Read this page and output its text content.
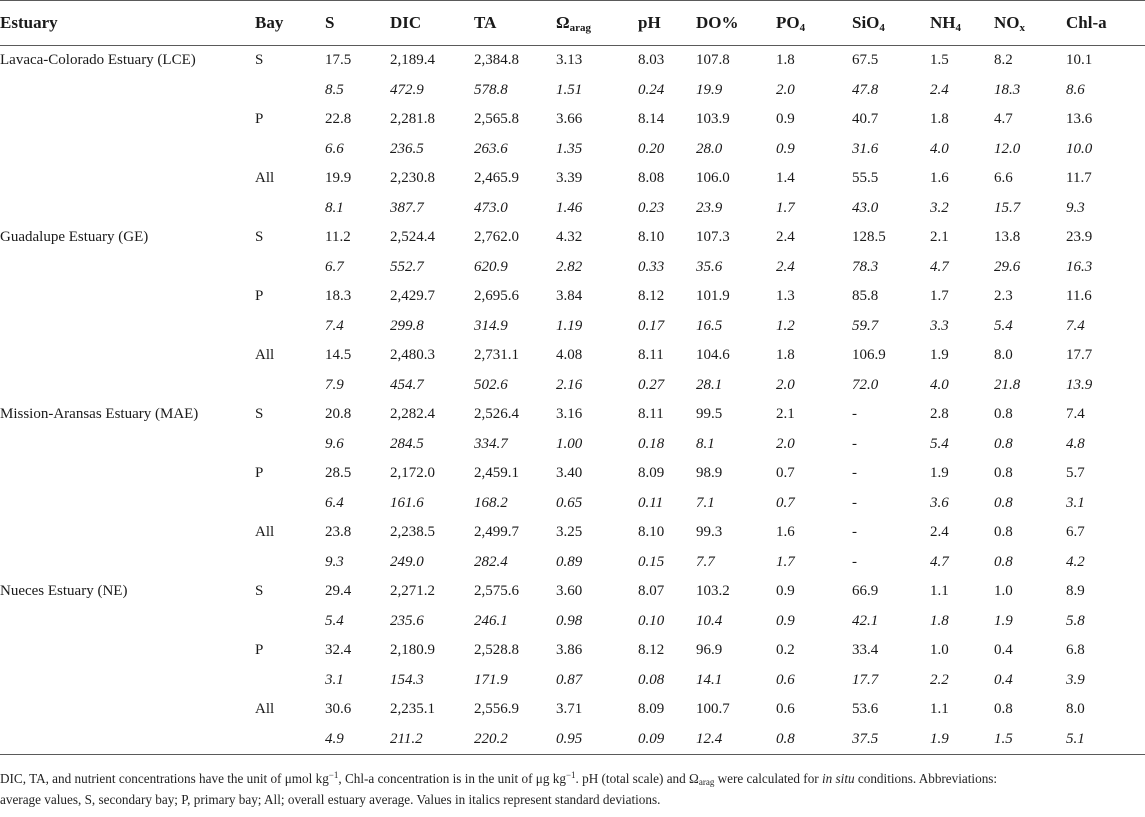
Estuary	Bay	S	DIC	TA	$\Omega_{arag}$	pH	DO%	$PO_4$	SiO$_4$	$NH_4$	$NO_x$	Chl-a
Lavaca-Colorado Estuary (LCE)	S	17.5	2,189.4	2,384.8	3.13	8.03	107.8	1.8	67.5	1.5	8.2	10.1
		8.5	472.9	578.8	1.51	0.24	19.9	2.0	47.8	2.4	18.3	8.6
	P	22.8	2,281.8	2,565.8	3.66	8.14	103.9	0.9	40.7	1.8	4.7	13.6
		6.6	236.5	263.6	1.35	0.20	28.0	0.9	31.6	4.0	12.0	10.0
	All	19.9	2,230.8	2,465.9	3.39	8.08	106.0	1.4	55.5	1.6	6.6	11.7
		8.1	387.7	473.0	1.46	0.23	23.9	1.7	43.0	3.2	15.7	9.3
Guadalupe Estuary (GE)	S	11.2	2,524.4	2,762.0	4.32	8.10	107.3	2.4	128.5	2.1	13.8	23.9
		6.7	552.7	620.9	2.82	0.33	35.6	2.4	78.3	4.7	29.6	16.3
	P	18.3	2,429.7	2,695.6	3.84	8.12	101.9	1.3	85.8	1.7	2.3	11.6
		7.4	299.8	314.9	1.19	0.17	16.5	1.2	59.7	3.3	5.4	7.4
	All	14.5	2,480.3	2,731.1	4.08	8.11	104.6	1.8	106.9	1.9	8.0	17.7
		7.9	454.7	502.6	2.16	0.27	28.1	2.0	72.0	4.0	21.8	13.9
Mission-Aransas Estuary (MAE)	S	20.8	2,282.4	2,526.4	3.16	8.11	99.5	2.1	-	2.8	0.8	7.4
		9.6	284.5	334.7	1.00	0.18	8.1	2.0	-	5.4	0.8	4.8
	P	28.5	2,172.0	2,459.1	3.40	8.09	98.9	0.7	-	1.9	0.8	5.7
		6.4	161.6	168.2	0.65	0.11	7.1	0.7	-	3.6	0.8	3.1
	All	23.8	2,238.5	2,499.7	3.25	8.10	99.3	1.6	-	2.4	0.8	6.7
		9.3	249.0	282.4	0.89	0.15	7.7	1.7	-	4.7	0.8	4.2
Nueces Estuary (NE)	S	29.4	2,271.2	2,575.6	3.60	8.07	103.2	0.9	66.9	1.1	1.0	8.9
		5.4	235.6	246.1	0.98	0.10	10.4	0.9	42.1	1.8	1.9	5.8
	P	32.4	2,180.9	2,528.8	3.86	8.12	96.9	0.2	33.4	1.0	0.4	6.8
		3.1	154.3	171.9	0.87	0.08	14.1	0.6	17.7	2.2	0.4	3.9
	All	30.6	2,235.1	2,556.9	3.71	8.09	100.7	0.6	53.6	1.1	0.8	8.0
		4.9	211.2	220.2	0.95	0.09	12.4	0.8	37.5	1.9	1.5	5.1
DIC, TA, and nutrient concentrations have the unit of μmol $kg^{-1}$, Chl-a concentration is in the unit of μg $kg^{-1}$. pH (total scale) and $\Omega_{arag}$ were calculated for in situ conditions. Abbreviations:
average values, S, secondary bay; P, primary bay; All; overall estuary average. Values in italics represent standard deviations.
